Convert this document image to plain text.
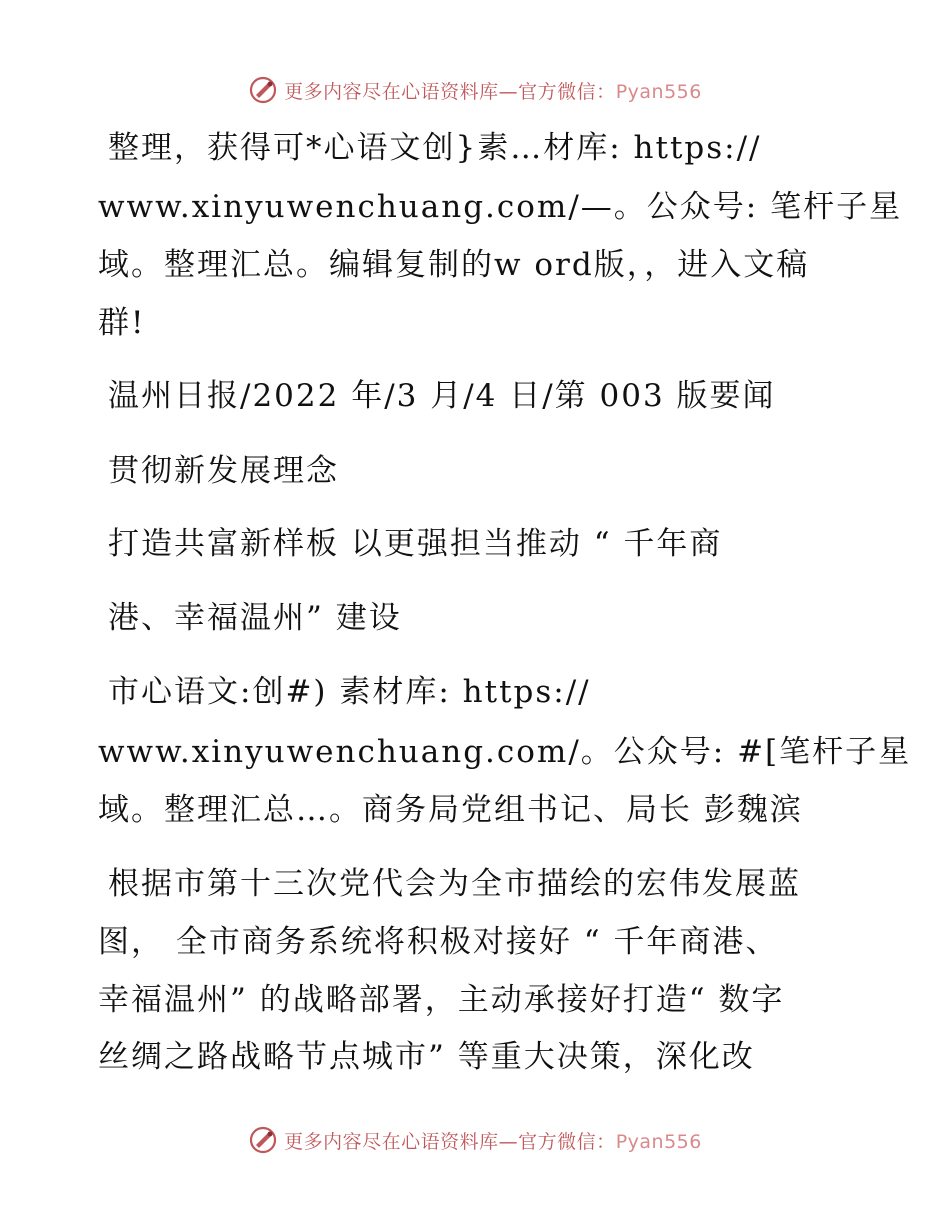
更多内容尽在心语资料库—官方微信：Pyan556
整理，获得可*心语文创}素…材库: https://
www.xinyuwenchuang.com/—。公众号: 笔杆子星
域。整理汇总。编辑复制的w ord版，，进入文稿
群!
温州日报/2022 年/3 月/4 日/第 003 版要闻
贯彻新发展理念
打造共富新样板 以更强担当推动 “ 千年商
港、幸福温州” 建设
市心语文:创#) 素材库: https://
www.xinyuwenchuang.com/。公众号: #[笔杆子星
域。整理汇总…。商务局党组书记、局长 彭魏滨
根据市第十三次党代会为全市描绘的宏伟发展蓝
图， 全市商务系统将积极对接好 “ 千年商港、
幸福温州” 的战略部署，主动承接好打造“ 数字
丝绸之路战略节点城市” 等重大决策，深化改
更多内容尽在心语资料库—官方微信：Pyan556
